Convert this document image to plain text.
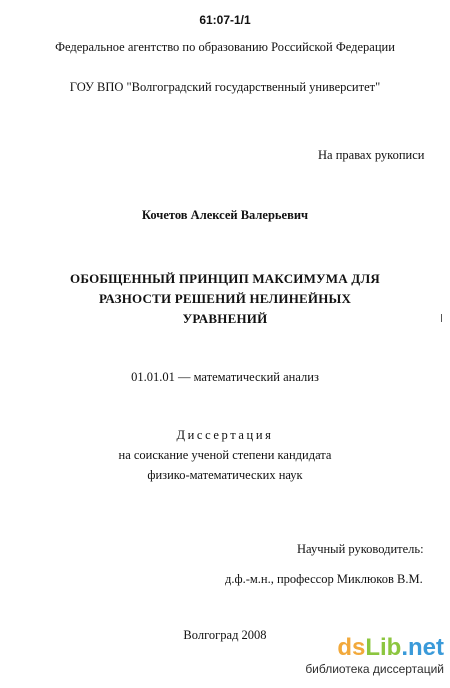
61:07-1/1
Федеральное агентство по образованию Российской Федерации
ГОУ ВПО "Волгоградский государственный университет"
На правах рукописи
Кочетов Алексей Валерьевич
ОБОБЩЕННЫЙ ПРИНЦИП МАКСИМУМА ДЛЯ
РАЗНОСТИ РЕШЕНИЙ НЕЛИНЕЙНЫХ
УРАВНЕНИЙ
01.01.01 — математический анализ
Диссертация
на соискание ученой степени кандидата
физико-математических наук
Научный руководитель:
д.ф.-м.н., профессор Миклюков В.М.
Волгоград 2008	dsLib.net
библиотека диссертаций
